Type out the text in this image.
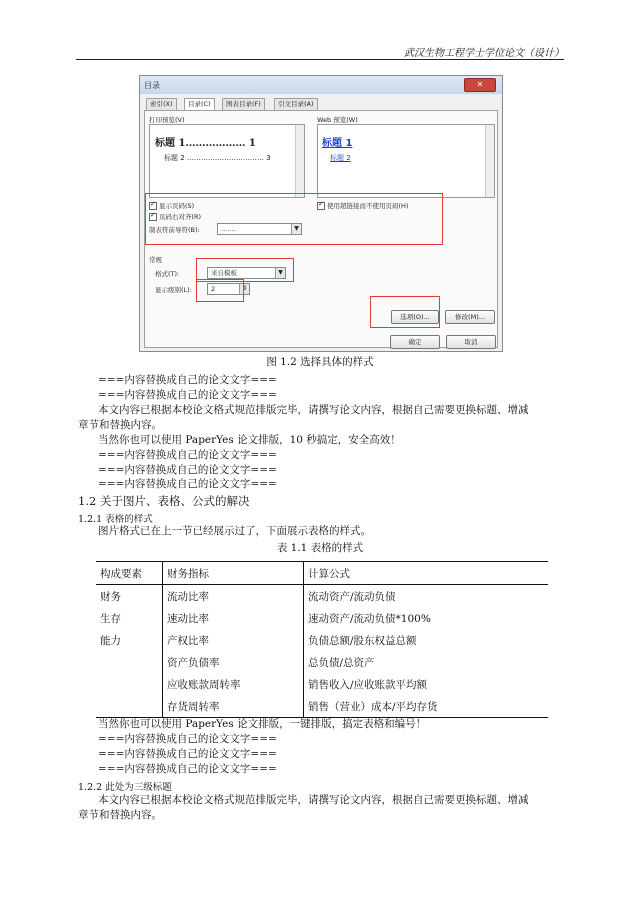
武汉生物工程学士学位论文（设计）
目录	✕
索引(X)	目录(C)	图表目录(F)	引文目录(A)
打印预览(V)
标题 1……………… 1
标题 2 …………………………… 3
Web 预览(W)
标题 1
标题 2
✓显示页码(S)
✓页码右对齐(R)
制表符前导符(B):	.......	▼
✓使用超链接而不使用页码(H)
常规
格式(T):	来自模板	▼
显示级别(L):	2	⇕
选项(O)...	修改(M)...
确定	取消
图 1.2 选择具体的样式
===内容替换成自己的论文文字===
===内容替换成自己的论文文字===
本文内容已根据本校论文格式规范排版完毕，请撰写论文内容，根据自己需要更换标题、增减
章节和替换内容。
当然你也可以使用 PaperYes 论文排版，10 秒搞定，安全高效！
===内容替换成自己的论文文字===
===内容替换成自己的论文文字===
===内容替换成自己的论文文字===
1.2 关于图片、表格、公式的解决
1.2.1 表格的样式
图片格式已在上一节已经展示过了，下面展示表格的样式。
表 1.1 表格的样式
构成要素	财务指标	计算公式
财务	流动比率	流动资产/流动负债
生存	速动比率	速动资产/流动负债*100%
能力	产权比率	负债总额/股东权益总额
	资产负债率	总负债/总资产
	应收账款周转率	销售收入/应收账款平均额
	存货周转率	销售（营业）成本/平均存货
当然你也可以使用 PaperYes 论文排版，一键排版，搞定表格和编号！
===内容替换成自己的论文文字===
===内容替换成自己的论文文字===
===内容替换成自己的论文文字===
1.2.2 此处为三级标题
本文内容已根据本校论文格式规范排版完毕，请撰写论文内容，根据自己需要更换标题、增减
章节和替换内容。
